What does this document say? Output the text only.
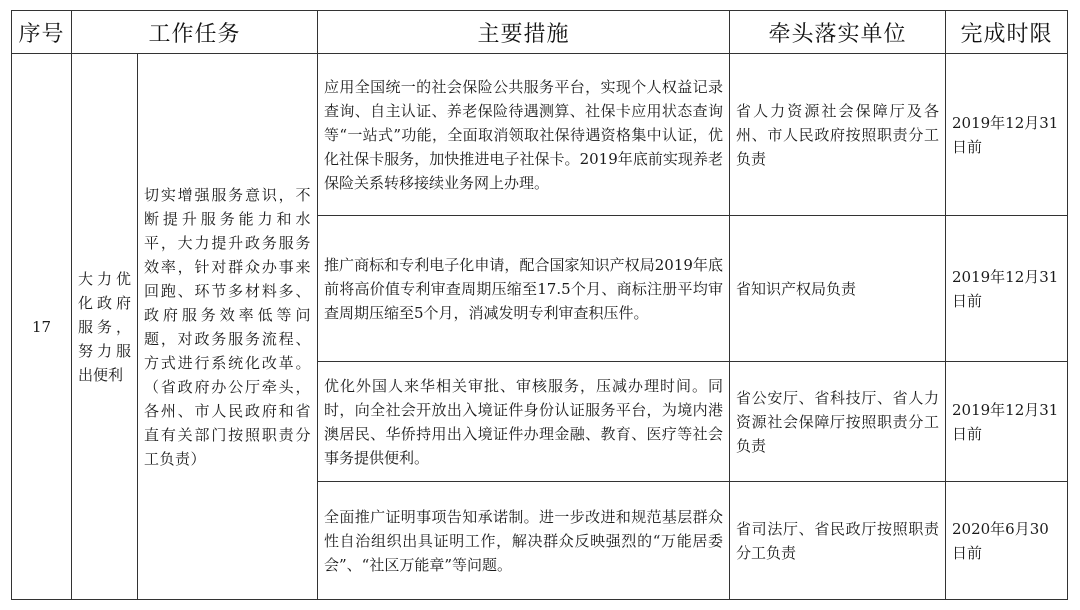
序号	工作任务		主要措施	牵头落实单位	完成时限
17	大力优化政府服务，努力服出便利	切实增强服务意识，不断提升服务能力和水平，大力提升政务服务效率，针对群众办事来回跑、环节多材料多、政府服务效率低等问题，对政务服务流程、方式进行系统化改革。（省政府办公厅牵头，各州、市人民政府和省直有关部门按照职责分工负责）	应用全国统一的社会保险公共服务平台，实现个人权益记录查询、自主认证、养老保险待遇测算、社保卡应用状态查询等“一站式”功能，全面取消领取社保待遇资格集中认证，优化社保卡服务，加快推进电子社保卡。2019年底前实现养老保险关系转移接续业务网上办理。	省人力资源社会保障厅及各州、市人民政府按照职责分工负责	2019年12月31日前
			推广商标和专利电子化申请，配合国家知识产权局2019年底前将高价值专利审查周期压缩至17.5个月、商标注册平均审查周期压缩至5个月，消减发明专利审查积压件。	省知识产权局负责	2019年12月31日前
			优化外国人来华相关审批、审核服务，压减办理时间。同时，向全社会开放出入境证件身份认证服务平台，为境内港澳居民、华侨持用出入境证件办理金融、教育、医疗等社会事务提供便利。	省公安厅、省科技厅、省人力资源社会保障厅按照职责分工负责	2019年12月31日前
			全面推广证明事项告知承诺制。进一步改进和规范基层群众性自治组织出具证明工作，解决群众反映强烈的“万能居委会”、“社区万能章”等问题。	省司法厅、省民政厅按照职责分工负责	2020年6月30日前
